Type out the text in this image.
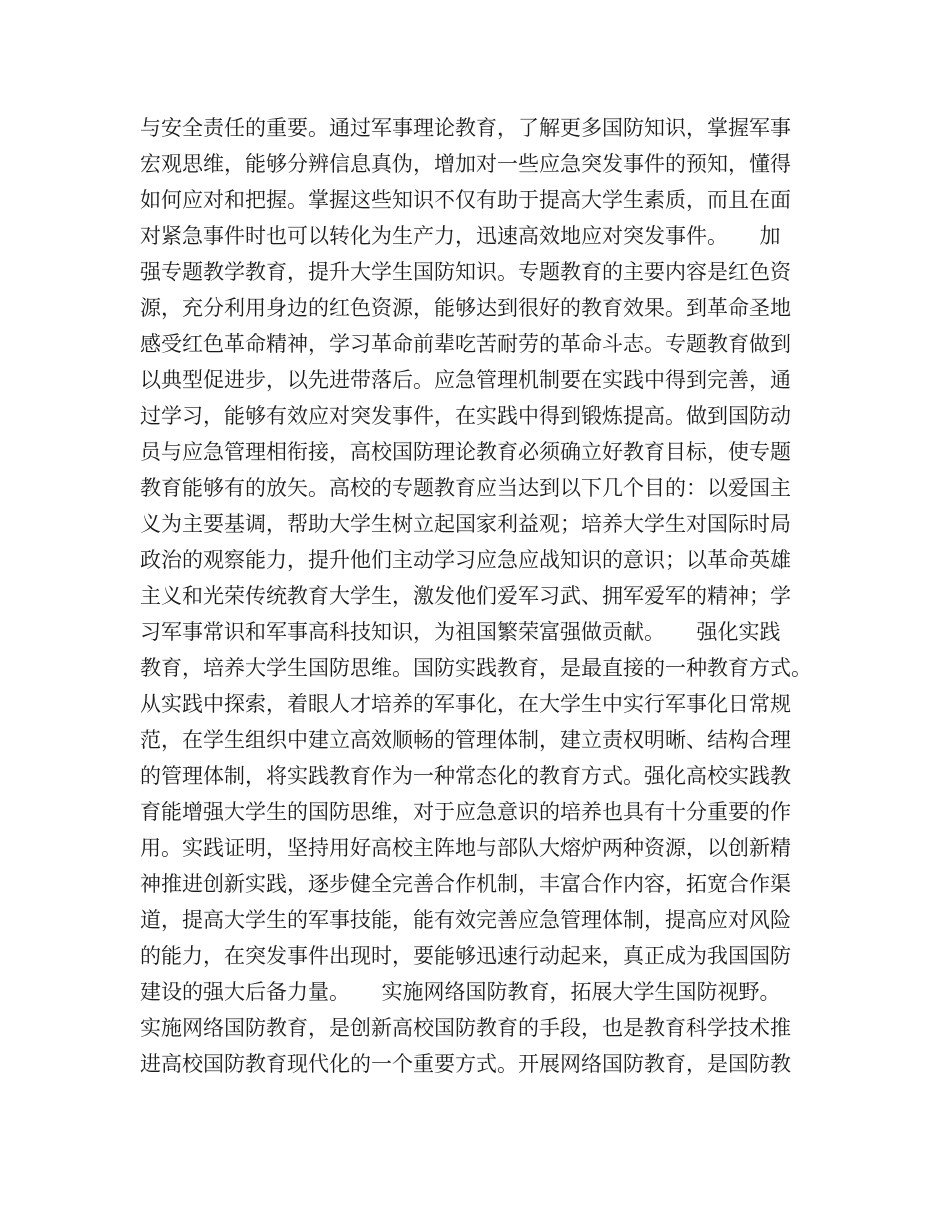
与安全责任的重要。通过军事理论教育，了解更多国防知识，掌握军事
宏观思维，能够分辨信息真伪，增加对一些应急突发事件的预知，懂得
如何应对和把握。掌握这些知识不仅有助于提高大学生素质，而且在面
对紧急事件时也可以转化为生产力，迅速高效地应对突发事件。　　加
强专题教学教育，提升大学生国防知识。专题教育的主要内容是红色资
源，充分利用身边的红色资源，能够达到很好的教育效果。到革命圣地
感受红色革命精神，学习革命前辈吃苦耐劳的革命斗志。专题教育做到
以典型促进步，以先进带落后。应急管理机制要在实践中得到完善，通
过学习，能够有效应对突发事件，在实践中得到锻炼提高。做到国防动
员与应急管理相衔接，高校国防理论教育必须确立好教育目标，使专题
教育能够有的放矢。高校的专题教育应当达到以下几个目的：以爱国主
义为主要基调，帮助大学生树立起国家利益观；培养大学生对国际时局
政治的观察能力，提升他们主动学习应急应战知识的意识；以革命英雄
主义和光荣传统教育大学生，激发他们爱军习武、拥军爱军的精神；学
习军事常识和军事高科技知识，为祖国繁荣富强做贡献。　　强化实践
教育，培养大学生国防思维。国防实践教育，是最直接的一种教育方式。
从实践中探索，着眼人才培养的军事化，在大学生中实行军事化日常规
范，在学生组织中建立高效顺畅的管理体制，建立责权明晰、结构合理
的管理体制，将实践教育作为一种常态化的教育方式。强化高校实践教
育能增强大学生的国防思维，对于应急意识的培养也具有十分重要的作
用。实践证明，坚持用好高校主阵地与部队大熔炉两种资源，以创新精
神推进创新实践，逐步健全完善合作机制，丰富合作内容，拓宽合作渠
道，提高大学生的军事技能，能有效完善应急管理体制，提高应对风险
的能力，在突发事件出现时，要能够迅速行动起来，真正成为我国国防
建设的强大后备力量。　　实施网络国防教育，拓展大学生国防视野。
实施网络国防教育，是创新高校国防教育的手段，也是教育科学技术推
进高校国防教育现代化的一个重要方式。开展网络国防教育，是国防教
